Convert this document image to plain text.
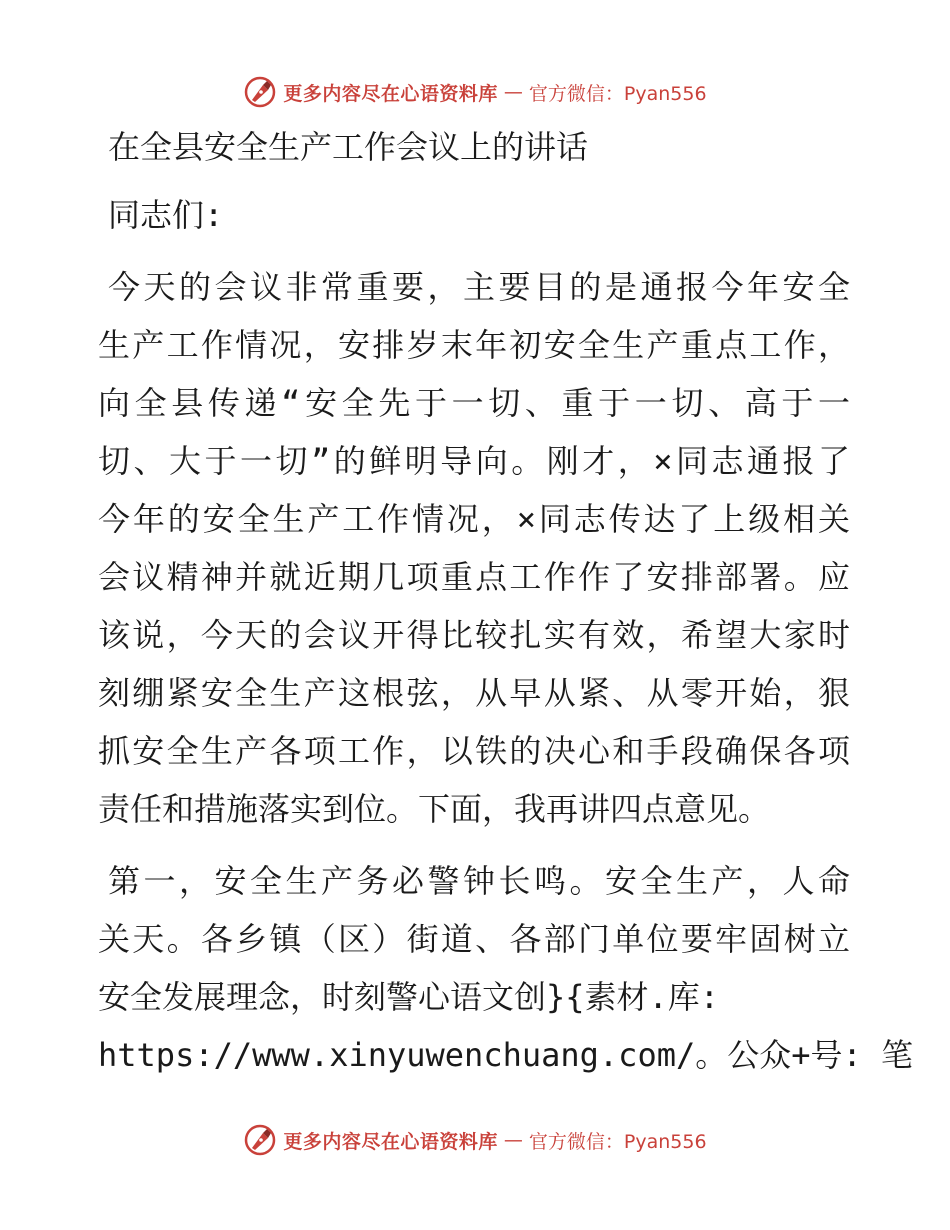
更多内容尽在心语资料库 — 官方微信：Pyan556
在全县安全生产工作会议上的讲话

同志们:

今天的会议非常重要，主要目的是通报今年安全
生产工作情况，安排岁末年初安全生产重点工作，
向全县传递“安全先于一切、重于一切、高于一
切、大于一切”的鲜明导向。刚才，×同志通报了
今年的安全生产工作情况，×同志传达了上级相关
会议精神并就近期几项重点工作作了安排部署。应
该说，今天的会议开得比较扎实有效，希望大家时
刻绷紧安全生产这根弦，从早从紧、从零开始，狠
抓安全生产各项工作，以铁的决心和手段确保各项
责任和措施落实到位。下面，我再讲四点意见。

第一，安全生产务必警钟长鸣。安全生产，人命
关天。各乡镇（区）街道、各部门单位要牢固树立
安全发展理念，时刻警心语文创}{素材.库:
https://www.xinyuwenchuang.com/。公众+号: 笔

更多内容尽在心语资料库 — 官方微信：Pyan556
